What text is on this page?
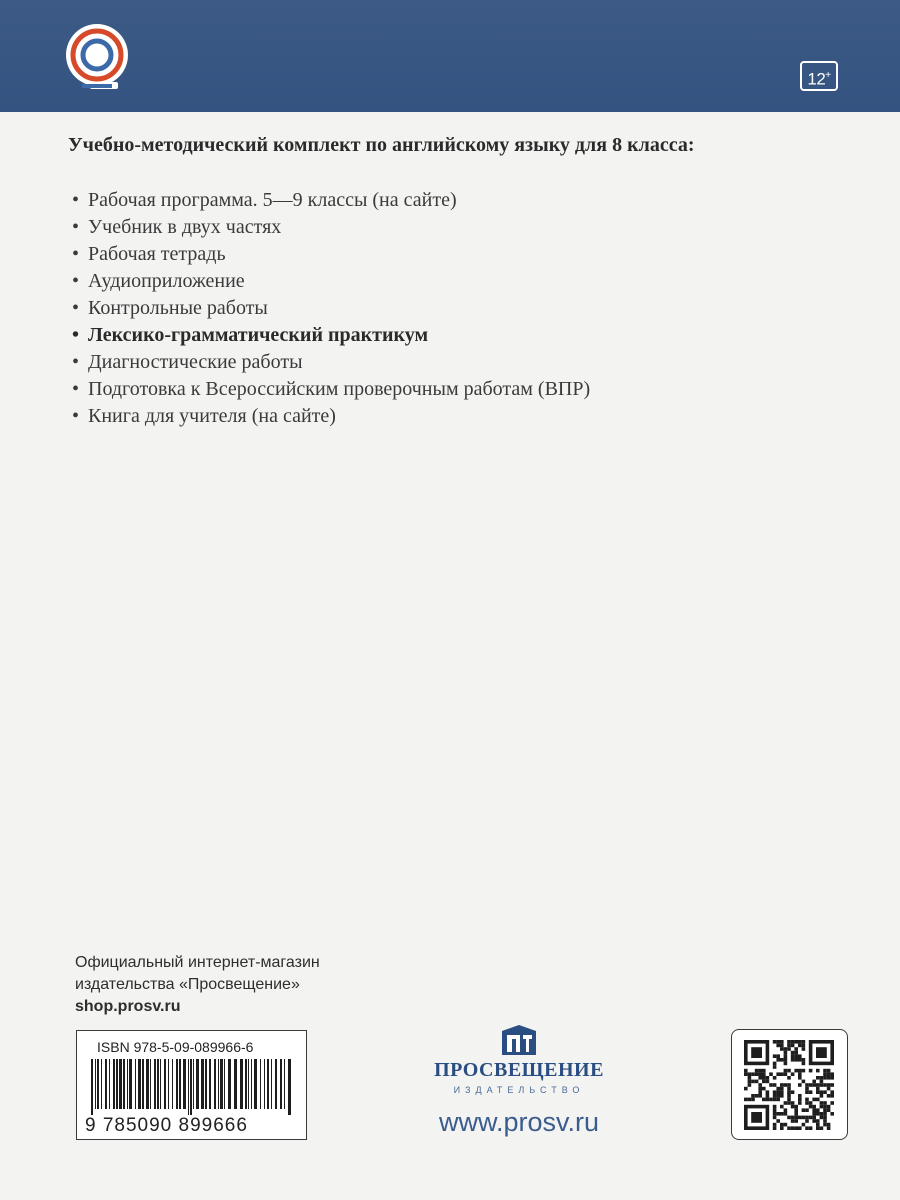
12+
Учебно-методический комплект по английскому языку для 8 класса:
• Рабочая программа. 5—9 классы (на сайте)
• Учебник в двух частях
• Рабочая тетрадь
• Аудиоприложение
• Контрольные работы
• Лексико-грамматический практикум
• Диагностические работы
• Подготовка к Всероссийским проверочным работам (ВПР)
• Книга для учителя (на сайте)
Официальный интернет-магазин
издательства «Просвещение»
shop.prosv.ru
ISBN 978-5-09-089966-6
9 785090 899666
ПРОСВЕЩЕНИЕ
ИЗДАТЕЛЬСТВО
www.prosv.ru
